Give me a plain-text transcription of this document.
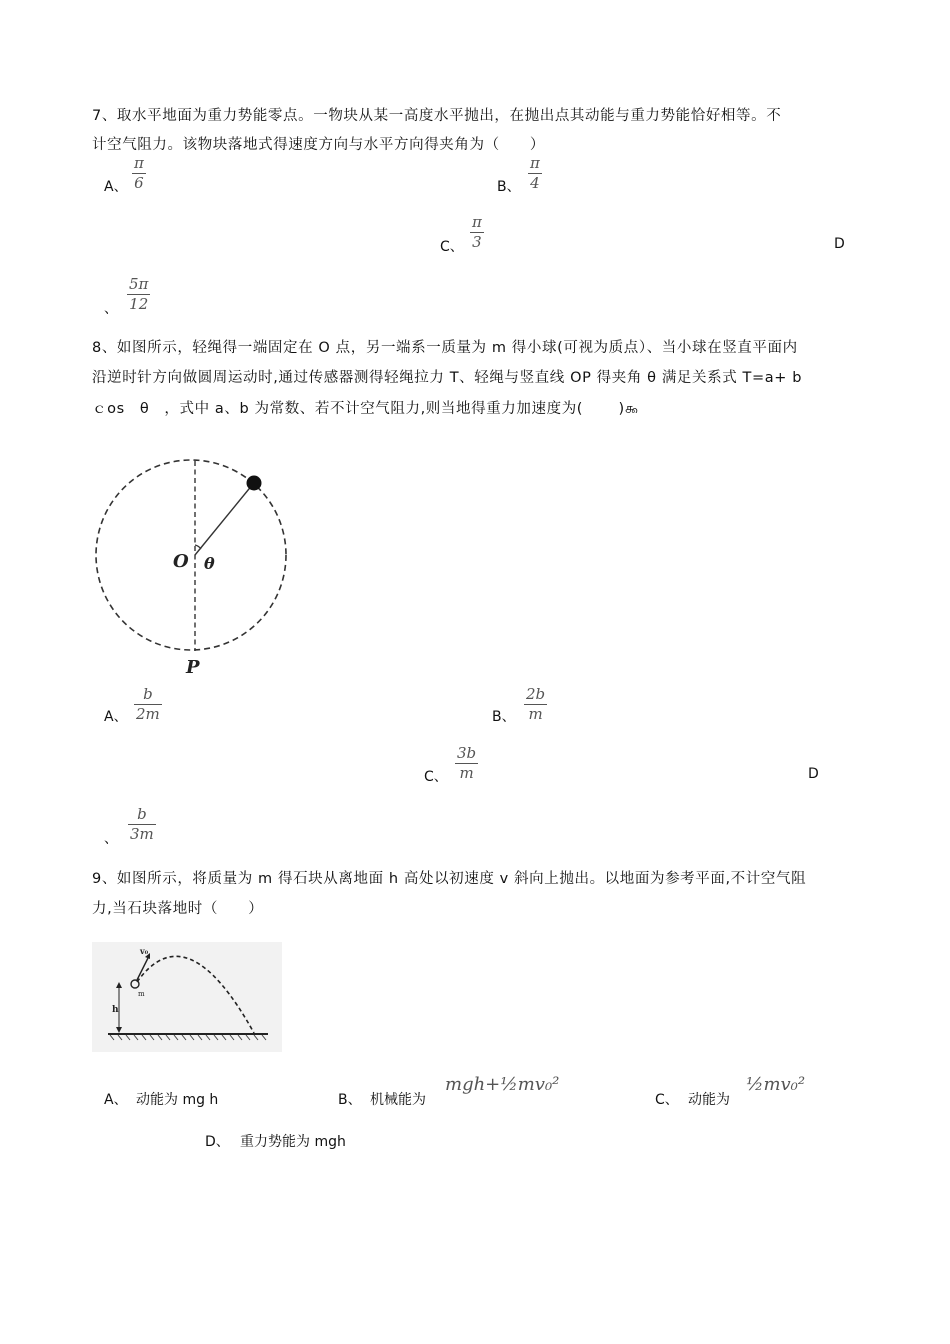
7、取水平地面为重力势能零点。一物块从某一高度水平抛出，在抛出点其动能与重力势能恰好相等。不
计空气阻力。该物块落地式得速度方向与水平方向得夹角为（　　）
A、
π
6	B、
π
4
C、
π
3	D
、
5π
12
8、如图所示，轻绳得一端固定在 O 点，另一端系一质量为 m 得小球(可视为质点）、当小球在竖直平面内
沿逆时针方向做圆周运动时,通过传感器测得轻绳拉力 T、轻绳与竖直线 OP 得夹角 θ 满足关系式 T=a+ b
ｃos　θ　，式中 a、b 为常数、若不计空气阻力,则当地得重力加速度为(　　 )௯
O θ
P
A、
b
2m	B、
2b
m
C、
3b
m	D
、
b
3m
9、如图所示，将质量为 m 得石块从离地面 h 高处以初速度 v 斜向上抛出。以地面为参考平面,不计空气阻
力,当石块落地时（　　）
h
m
v₀
A、 动能为 mg h	B、 机械能为
mgh+½mv₀²
C、 动能为
½mv₀²
D、 重力势能为 mgh
